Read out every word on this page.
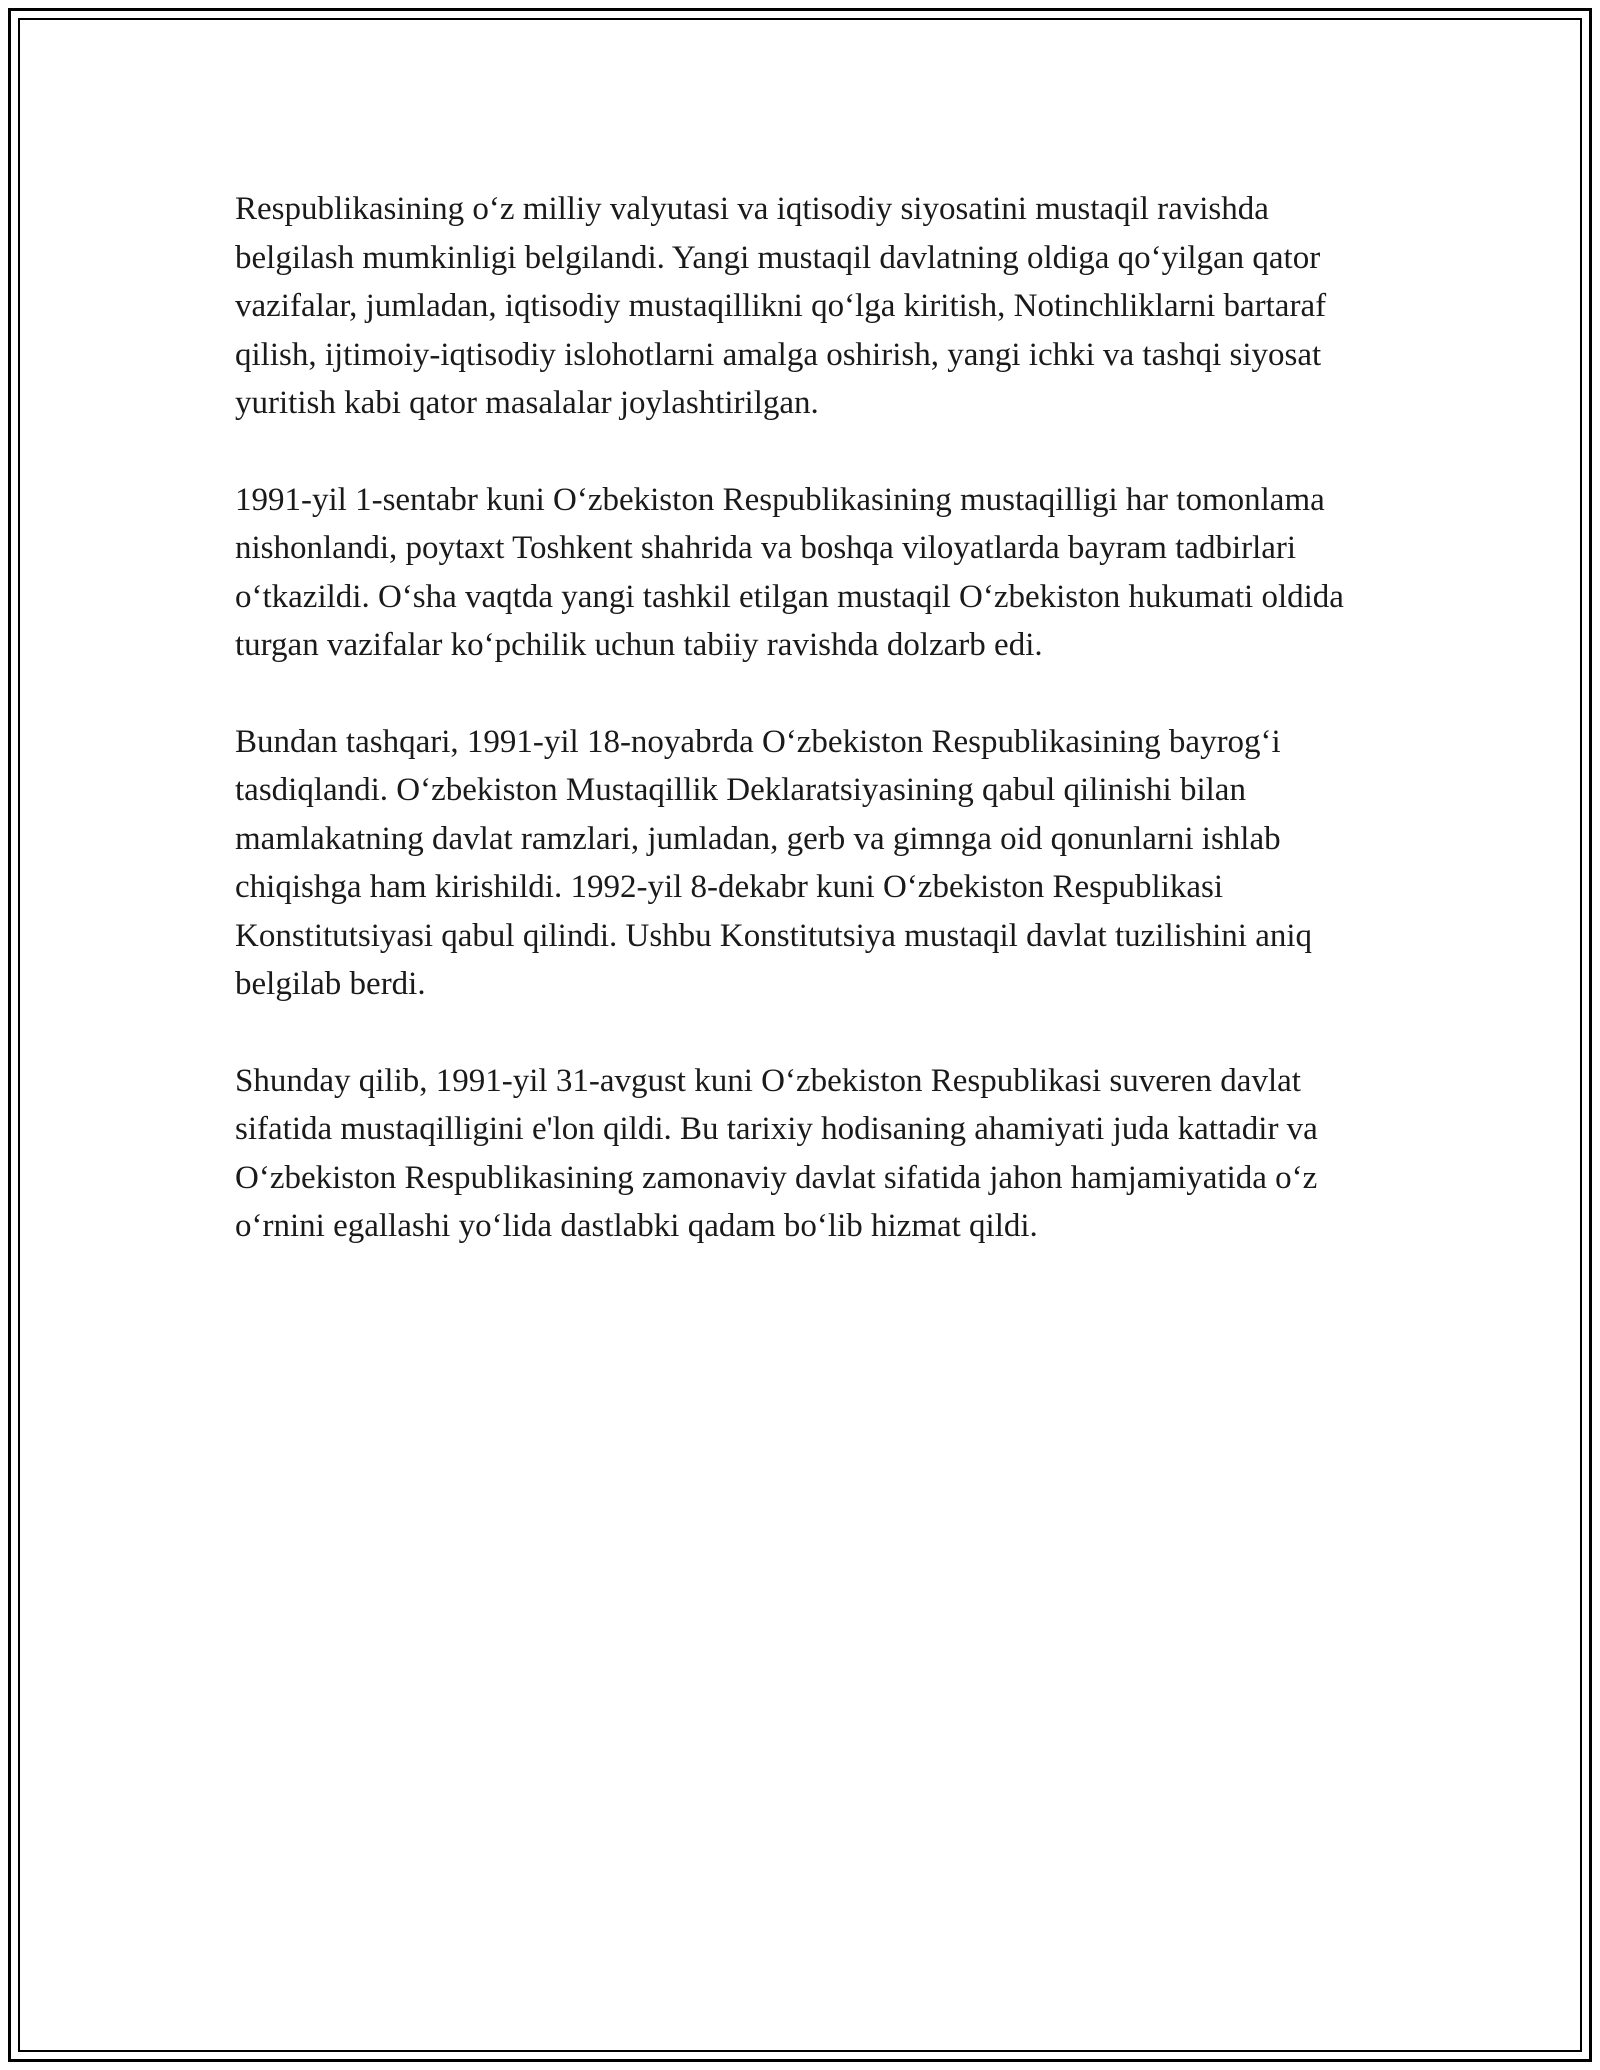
Respublikasining o‘z milliy valyutasi va iqtisodiy siyosatini mustaqil ravishda belgilash mumkinligi belgilandi. Yangi mustaqil davlatning oldiga qo‘yilgan qator vazifalar, jumladan, iqtisodiy mustaqillikni qo‘lga kiritish, Notinchliklarni bartaraf qilish, ijtimoiy-iqtisodiy islohotlarni amalga oshirish, yangi ichki va tashqi siyosat yuritish kabi qator masalalar joylashtirilgan.

1991-yil 1-sentabr kuni O‘zbekiston Respublikasining mustaqilligi har tomonlama nishonlandi, poytaxt Toshkent shahrida va boshqa viloyatlarda bayram tadbirlari o‘tkazildi. O‘sha vaqtda yangi tashkil etilgan mustaqil O‘zbekiston hukumati oldida turgan vazifalar ko‘pchilik uchun tabiiy ravishda dolzarb edi.

Bundan tashqari, 1991-yil 18-noyabrda O‘zbekiston Respublikasining bayrog‘i tasdiqlandi. O‘zbekiston Mustaqillik Deklaratsiyasining qabul qilinishi bilan mamlakatning davlat ramzlari, jumladan, gerb va gimnga oid qonunlarni ishlab chiqishga ham kirishildi. 1992-yil 8-dekabr kuni O‘zbekiston Respublikasi Konstitutsiyasi qabul qilindi. Ushbu Konstitutsiya mustaqil davlat tuzilishini aniq belgilab berdi.

Shunday qilib, 1991-yil 31-avgust kuni O‘zbekiston Respublikasi suveren davlat sifatida mustaqilligini e'lon qildi. Bu tarixiy hodisaning ahamiyati juda kattadir va O‘zbekiston Respublikasining zamonaviy davlat sifatida jahon hamjamiyatida o‘z o‘rnini egallashi yo‘lida dastlabki qadam bo‘lib hizmat qildi.
